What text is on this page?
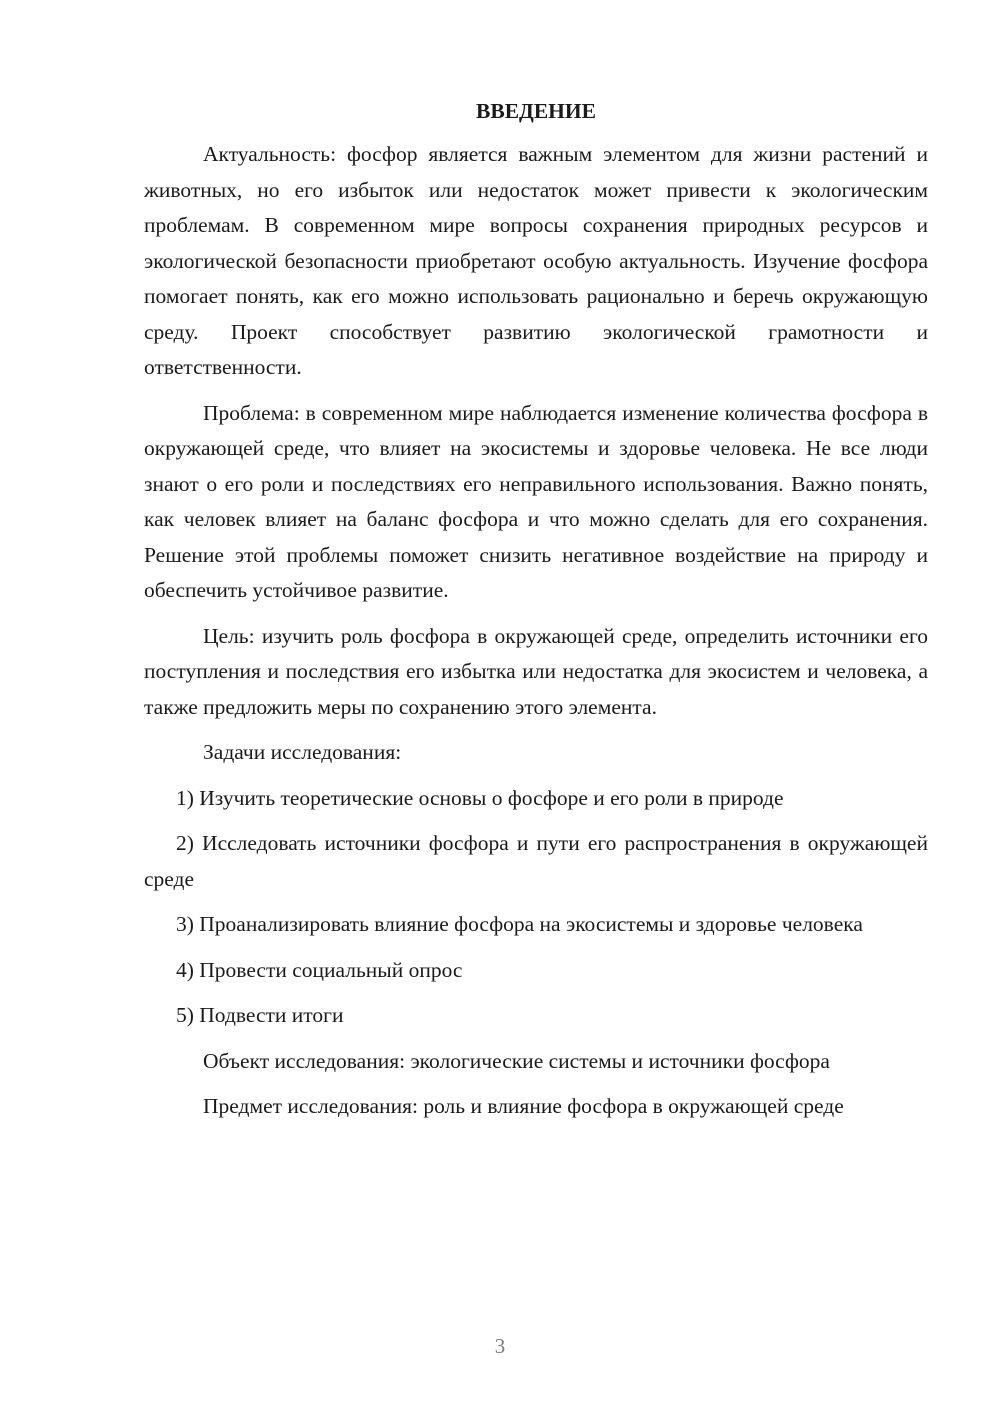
ВВЕДЕНИЕ

Актуальность: фосфор является важным элементом для жизни растений и животных, но его избыток или недостаток может привести к экологическим проблемам. В современном мире вопросы сохранения природных ресурсов и экологической безопасности приобретают особую актуальность. Изучение фосфора помогает понять, как его можно использовать рационально и беречь окружающую среду. Проект способствует развитию экологической грамотности и ответственности.

Проблема: в современном мире наблюдается изменение количества фосфора в окружающей среде, что влияет на экосистемы и здоровье человека. Не все люди знают о его роли и последствиях его неправильного использования. Важно понять, как человек влияет на баланс фосфора и что можно сделать для его сохранения. Решение этой проблемы поможет снизить негативное воздействие на природу и обеспечить устойчивое развитие.

Цель: изучить роль фосфора в окружающей среде, определить источники его поступления и последствия его избытка или недостатка для экосистем и человека, а также предложить меры по сохранению этого элемента.

Задачи исследования:

1) Изучить теоретические основы о фосфоре и его роли в природе

2) Исследовать источники фосфора и пути его распространения в окружающей среде

3) Проанализировать влияние фосфора на экосистемы и здоровье человека

4) Провести социальный опрос

5) Подвести итоги

Объект исследования: экологические системы и источники фосфора

Предмет исследования: роль и влияние фосфора в окружающей среде

3
